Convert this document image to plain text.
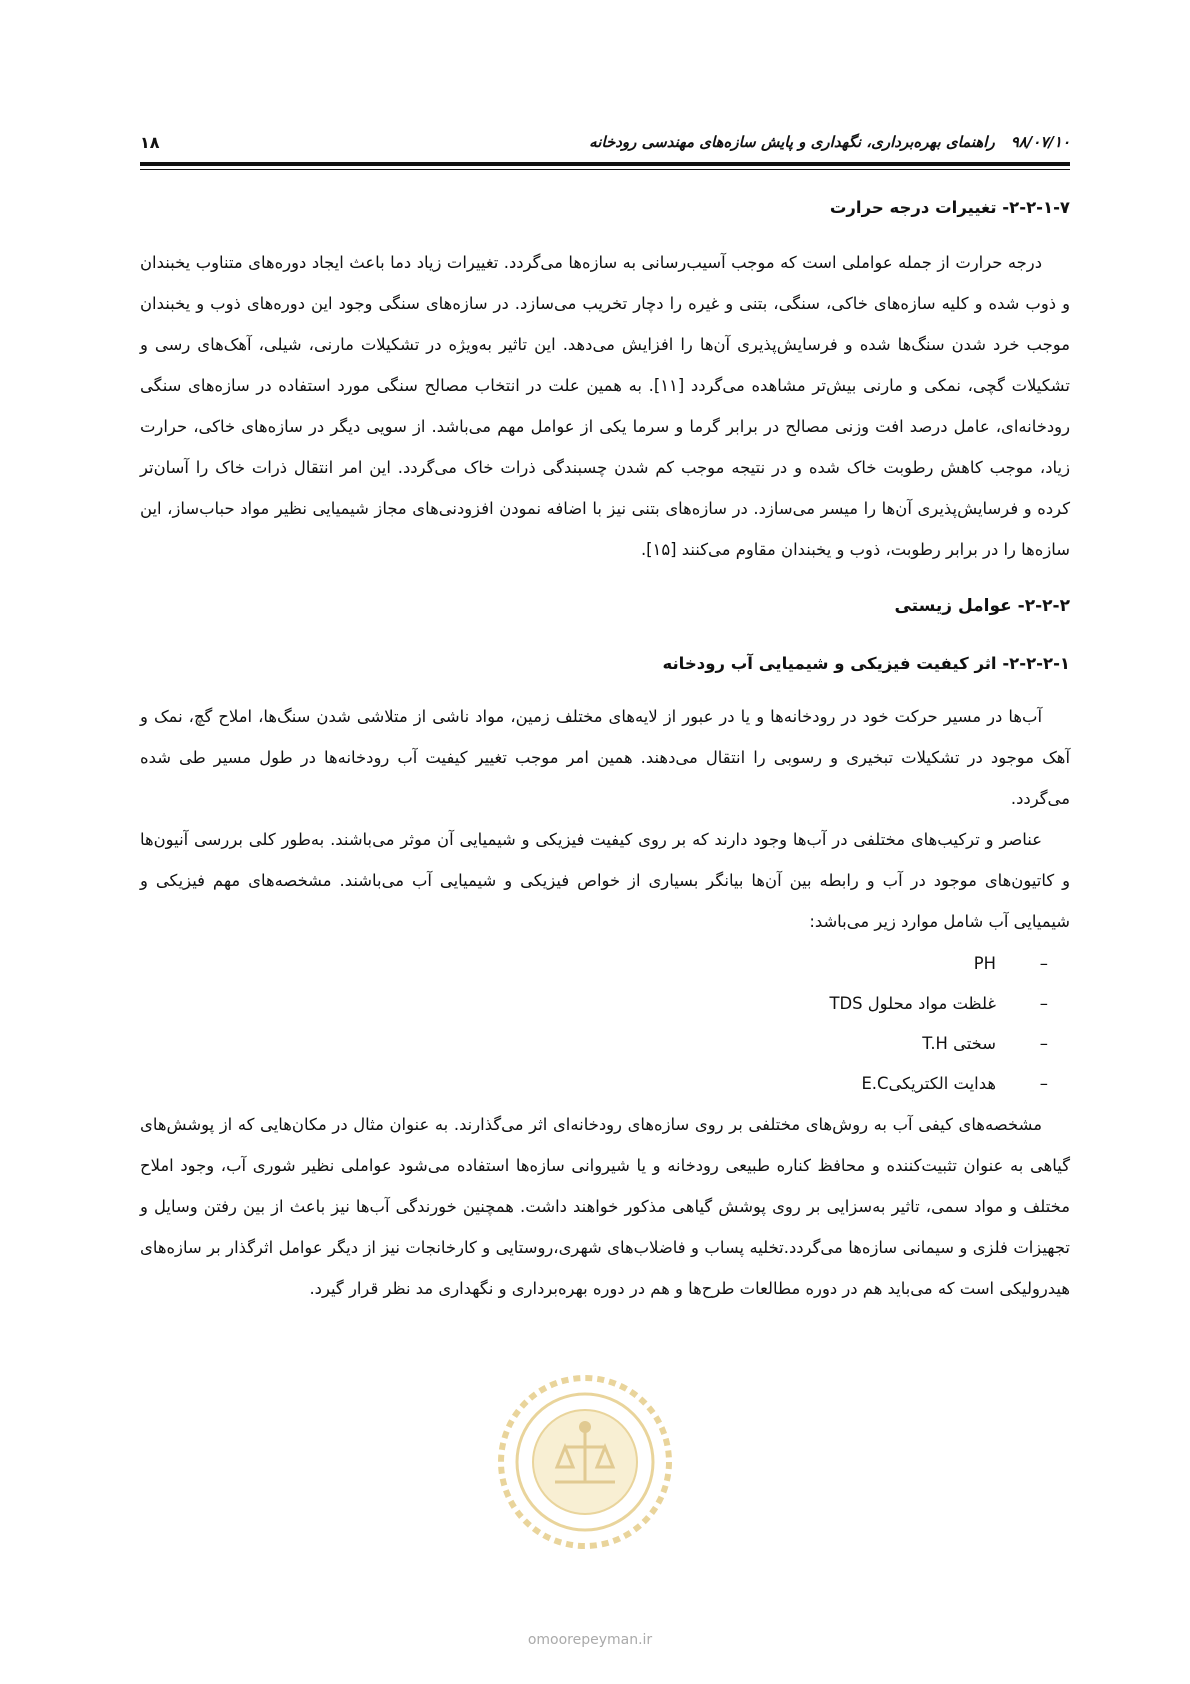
۱۸	۹۸/۰۷/۱۰راهنمای بهره‌برداری، نگهداری و پایش سازه‌های مهندسی رودخانه
۲-۲-۱-۷- تغییرات درجه حرارت

درجه حرارت از جمله عواملی است که موجب آسیب‌رسانی به سازه‌ها می‌گردد. تغییرات زیاد دما باعث ایجاد دوره‌های متناوب یخبندان و ذوب شده و کلیه سازه‌های خاکی، سنگی، بتنی و غیره را دچار تخریب می‌سازد. در سازه‌های سنگی وجود این دوره‌های ذوب و یخبندان موجب خرد شدن سنگ‌ها شده و فرسایش‌پذیری آن‌ها را افزایش می‌دهد. این تاثیر به‌ویژه در تشکیلات مارنی، شیلی، آهک‌های رسی و تشکیلات گچی، نمکی و مارنی بیش‌تر مشاهده می‌گردد [۱۱]. به همین علت در انتخاب مصالح سنگی مورد استفاده در سازه‌های سنگی رودخانه‌ای، عامل درصد افت وزنی مصالح در برابر گرما و سرما یکی از عوامل مهم می‌باشد. از سویی دیگر در سازه‌های خاکی، حرارت زیاد، موجب کاهش رطوبت خاک شده و در نتیجه موجب کم شدن چسبندگی ذرات خاک می‌گردد. این امر انتقال ذرات خاک را آسان‌تر کرده و فرسایش‌پذیری آن‌ها را میسر می‌سازد. در سازه‌های بتنی نیز با اضافه نمودن افزودنی‌های مجاز شیمیایی نظیر مواد حباب‌ساز، این سازه‌ها را در برابر رطوبت، ذوب و یخبندان مقاوم می‌کنند [۱۵].

۲-۲-۲- عوامل زیستی
۲-۲-۲-۱- اثر کیفیت فیزیکی و شیمیایی آب رودخانه

آب‌ها در مسیر حرکت خود در رودخانه‌ها و یا در عبور از لایه‌های مختلف زمین، مواد ناشی از متلاشی شدن سنگ‌ها، املاح گچ، نمک و آهک موجود در تشکیلات تبخیری و رسوبی را انتقال می‌دهند. همین امر موجب تغییر کیفیت آب رودخانه‌ها در طول مسیر طی شده می‌گردد.

عناصر و ترکیب‌های مختلفی در آب‌ها وجود دارند که بر روی کیفیت فیزیکی و شیمیایی آن موثر می‌باشند. به‌طور کلی بررسی آنیون‌ها و کاتیون‌های موجود در آب و رابطه بین آن‌ها بیانگر بسیاری از خواص فیزیکی و شیمیایی آب می‌باشند. مشخصه‌های مهم فیزیکی و شیمیایی آب شامل موارد زیر می‌باشد:

–
PH
–
غلظت مواد محلول TDS
–
سختی T.H
–
هدایت الکتریکیE.C

مشخصه‌های کیفی آب به روش‌های مختلفی بر روی سازه‌های رودخانه‌ای اثر می‌گذارند. به عنوان مثال در مکان‌هایی که از پوشش‌های گیاهی به عنوان تثبیت‌کننده و محافظ کناره طبیعی رودخانه و یا شیروانی سازه‌ها استفاده می‌شود عواملی نظیر شوری آب، وجود املاح مختلف و مواد سمی، تاثیر به‌سزایی بر روی پوشش گیاهی مذکور خواهند داشت. همچنین خورندگی آب‌ها نیز باعث از بین رفتن وسایل و تجهیزات فلزی و سیمانی سازه‌ها می‌گردد.تخلیه پساب و فاضلاب‌های شهری،روستایی و کارخانجات نیز از دیگر عوامل اثرگذار بر سازه‌های هیدرولیکی است که می‌باید هم در دوره مطالعات طرح‌ها و هم در دوره بهره‌برداری و نگهداری مد نظر قرار گیرد.

omoorepeyman.ir
